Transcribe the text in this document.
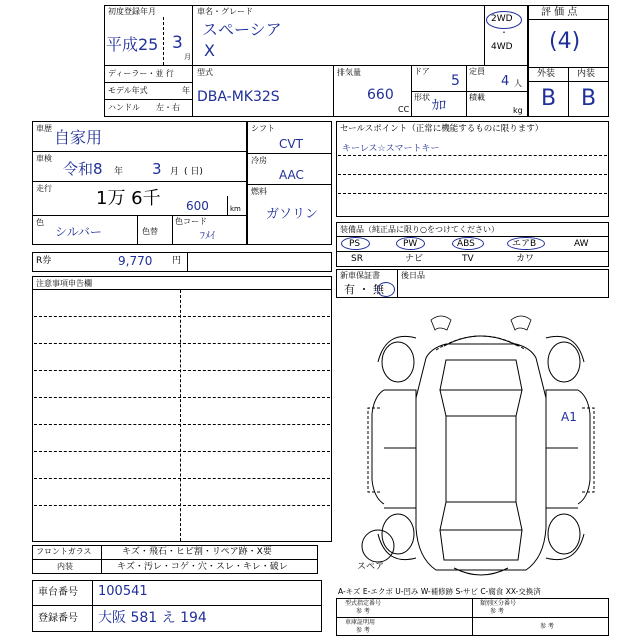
初度登録年月
平成25 3
月
車名・グレード
スペーシア
X
2WD
・
4WD
ディーラー・並 行
モデル年式	年
ハンドル 左・右
型式
DBA-MK32S
排気量
660
CC
ドア
5
定員
4 人
形状
ｶﾛ
積載
kg
評 価 点
(4)
外装 内装
B B
車歴 自家用
車検
令和8 年 3 月 ( 日)
走行 1万 6千 600	km
色
シルバー	色替
色コード
ﾌﾒｲ
シフト
CVT
冷房
AAC
燃料
ガソリン
セールスポイント（正常に機能するものに限ります）
キーレス☆スマートキー
装備品（純正品に限り○をつけてください）
PS	PW	ABS	エアB	AW
SR	ナビ	TV	カワ
R券	9,770 円
新車保証書
有 ・ 無
後日品
注意事項申告欄
A1
スペア
フロントガラス	キズ・飛石・ヒビ割・リペア跡・X要
内装	キズ・汚レ・コゲ・穴・スレ・キレ・破レ
車台番号 100541
登録番号 大阪 581 え 194
A-キズ E-エクボ U-凹み W-補修跡 S-サビ C-腐食 XX-交換済
型式指定番号
参 考
類別区分番号
参 考
車庫証明用
参 考
参 考
